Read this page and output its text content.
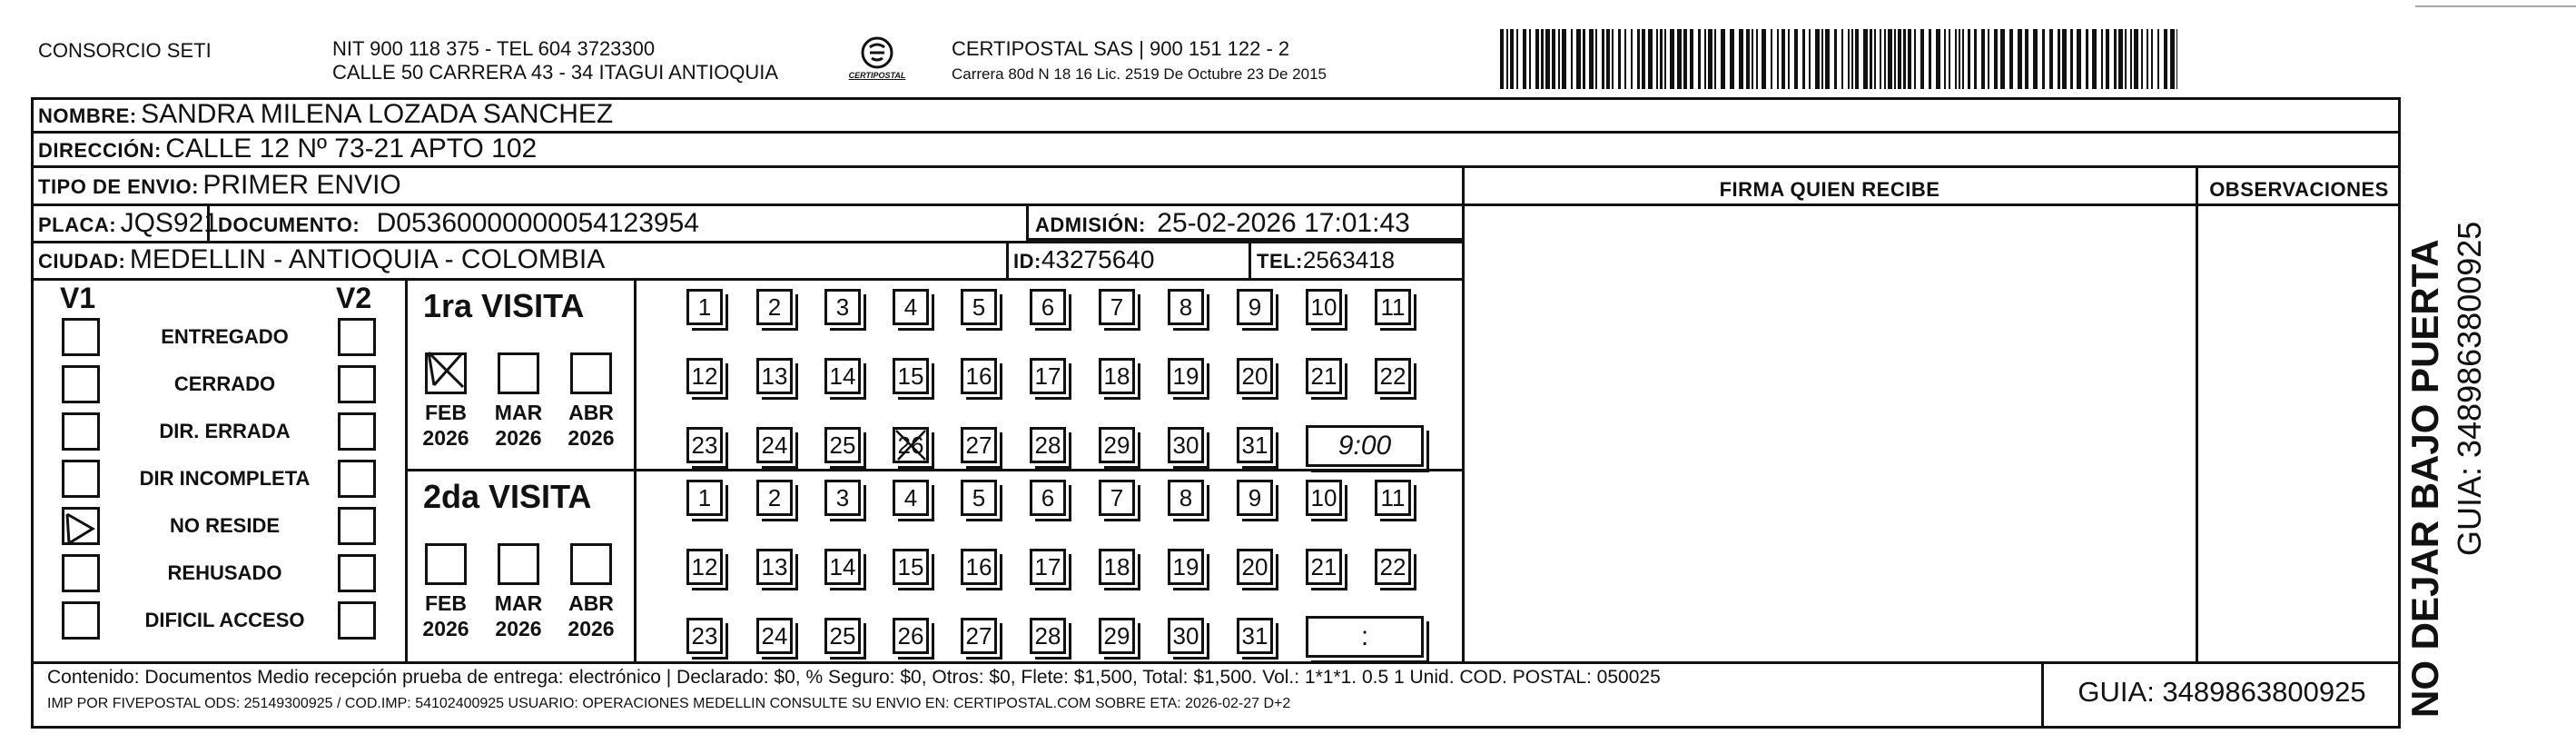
CONSORCIO SETI	NIT 900 118 375 - TEL 604 3723300
CALLE 50 CARRERA 43 - 34 ITAGUI ANTIOQUIA	CERTIPOSTAL
CERTIPOSTAL SAS | 900 151 122 - 2
Carrera 80d N 18 16 Lic. 2519 De Octubre 23 De 2015
NOMBRE: SANDRA MILENA LOZADA SANCHEZ
DIRECCIÓN: CALLE 12 Nº 73-21 APTO 102
TIPO DE ENVIO: PRIMER ENVIO
PLACA: JQS921 DOCUMENTO: D05360000000054123954	ADMISIÓN: 25-02-2026 17:01:43
CIUDAD: MEDELLIN - ANTIOQUIA - COLOMBIA	ID:43275640	TEL:2563418
FIRMA QUIEN RECIBE	OBSERVACIONES
V1	V2
ENTREGADO
CERRADO
DIR. ERRADA
DIR INCOMPLETA
NO RESIDE
REHUSADO
DIFICIL ACCESO
1ra VISITA
FEB
2026
MAR
2026
ABR
2026
1	2	3	4	5	6	7	8	9	10 11
12 13 14 15 16 17 18 19 20 21 22
23 24 25 26 27 28 29 30 31	9:00
2da VISITA
FEB
2026
MAR
2026
ABR
2026
1	2	3	4	5	6	7	8	9	10 11
12 13 14 15 16 17 18 19 20 21 22
23 24 25 26 27 28 29 30 31	:
Contenido: Documentos Medio recepción prueba de entrega: electrónico | Declarado: $0, % Seguro: $0, Otros: $0, Flete: $1,500, Total: $1,500. Vol.: 1*1*1. 0.5 1 Unid. COD. POSTAL: 050025
IMP POR FIVEPOSTAL ODS: 25149300925 / COD.IMP: 54102400925 USUARIO: OPERACIONES MEDELLIN CONSULTE SU ENVIO EN: CERTIPOSTAL.COM SOBRE ETA: 2026-02-27 D+2	GUIA: 3489863800925 NO DEJAR BAJO PUERTA GUIA: 3489863800925
